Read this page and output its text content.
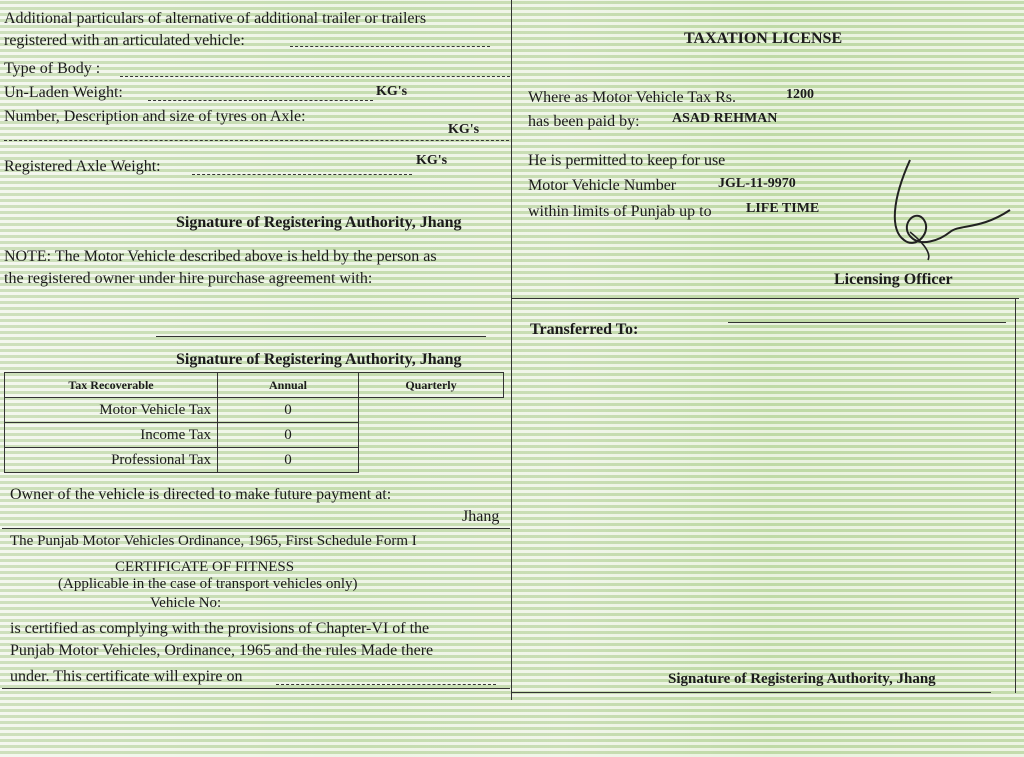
Additional particulars of alternative of additional trailer or trailers
registered with an articulated vehicle:
Type of Body :
Un-Laden Weight:	KG's
Number, Description and size of tyres on Axle:
KG's
Registered Axle Weight:	KG's
Signature of Registering Authority, Jhang
NOTE: The Motor Vehicle described above is held by the person as
the registered owner under hire purchase agreement with:
Signature of Registering Authority, Jhang
Tax Recoverable	Annual	Quarterly
Motor Vehicle Tax	0	
Income Tax	0	
Professional Tax	0	
Owner of the vehicle is directed to make future payment at:
Jhang
The Punjab Motor Vehicles Ordinance, 1965, First Schedule Form I
CERTIFICATE OF FITNESS
(Applicable in the case of transport vehicles only)
Vehicle No:
is certified as complying with the provisions of Chapter-VI of the
Punjab Motor Vehicles, Ordinance, 1965 and the rules Made there
under. This certificate will expire on
TAXATION LICENSE
Where as Motor Vehicle Tax Rs.	1200
has been paid by: ASAD REHMAN
He is permitted to keep for use
Motor Vehicle Number	JGL-11-9970
within limits of Punjab up to LIFE TIME
Licensing Officer
Transferred To:
Signature of Registering Authority, Jhang
